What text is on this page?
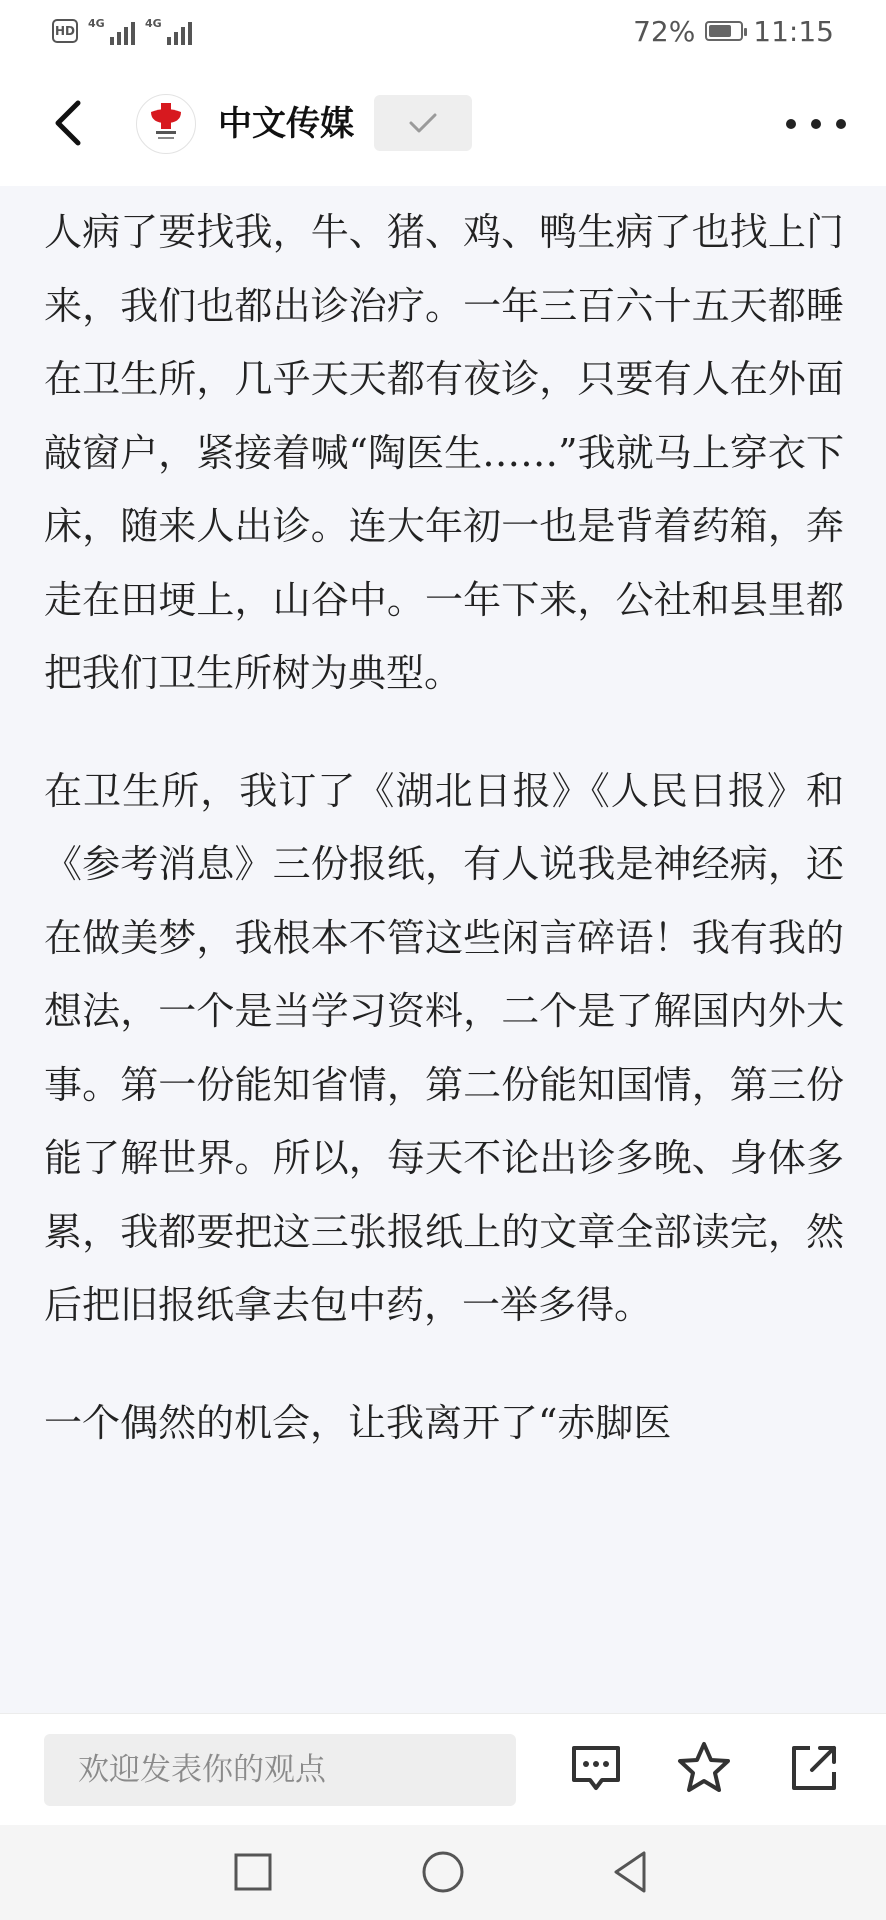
HD
4G	4G	72% 11:15
中文传媒

人病了要找我，牛、猪、鸡、鸭生病了也找上门来，我们也都出诊治疗。一年三百六十五天都睡在卫生所，几乎天天都有夜诊，只要有人在外面敲窗户，紧接着喊“陶医生……”我就马上穿衣下床，随来人出诊。连大年初一也是背着药箱，奔走在田埂上，山谷中。一年下来，公社和县里都把我们卫生所树为典型。

在卫生所，我订了《湖北日报》《人民日报》和《参考消息》三份报纸，有人说我是神经病，还在做美梦，我根本不管这些闲言碎语！我有我的想法，一个是当学习资料，二个是了解国内外大事。第一份能知省情，第二份能知国情，第三份能了解世界。所以，每天不论出诊多晚、身体多累，我都要把这三张报纸上的文章全部读完，然后把旧报纸拿去包中药，一举多得。

一个偶然的机会，让我离开了“赤脚医

欢迎发表你的观点
